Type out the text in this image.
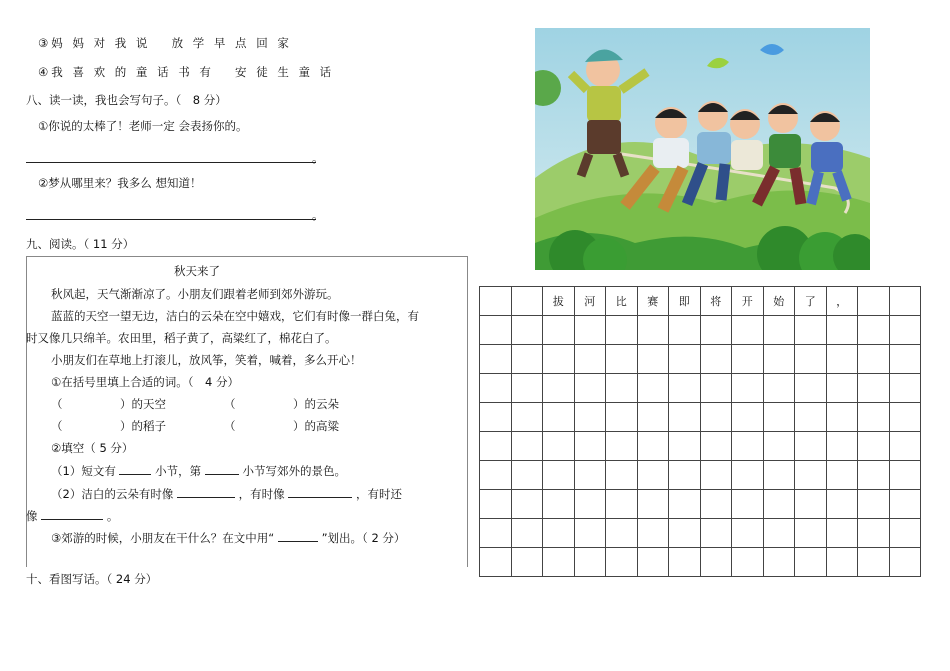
③妈 妈 对 我 说　 放 学 早 点 回 家
④我 喜 欢 的 童 话 书 有　 安 徒 生 童 话
八、读一读，我也会写句子。（　8 分）
①你说的太棒了！老师一定 会表扬你的。
。
②梦从哪里来？我多么 想知道！
。
九、阅读。（ 11 分）
秋天来了
秋风起，天气渐渐凉了。小朋友们跟着老师到郊外游玩。
蓝蓝的天空一望无边，洁白的云朵在空中嬉戏，它们有时像一群白兔，有
时又像几只绵羊。农田里，稻子黄了，高粱红了，棉花白了。
小朋友们在草地上打滚儿，放风筝，笑着，喊着，多么开心！
①在括号里填上合适的词。（　4 分）
（　　　　　）的天空	（　　　　　）的云朵
（　　　　　）的稻子	（　　　　　）的高粱
②填空（ 5 分）
（1）短文有	小节，第	小节写郊外的景色。
（2）洁白的云朵有时像	，有时像	，有时还
像	。
③郊游的时候，小朋友在干什么？在文中用“	”划出。（ 2 分）
十、看图写话。（ 24 分）
		拔	河	比	赛	即	将	开	始	了	，		
